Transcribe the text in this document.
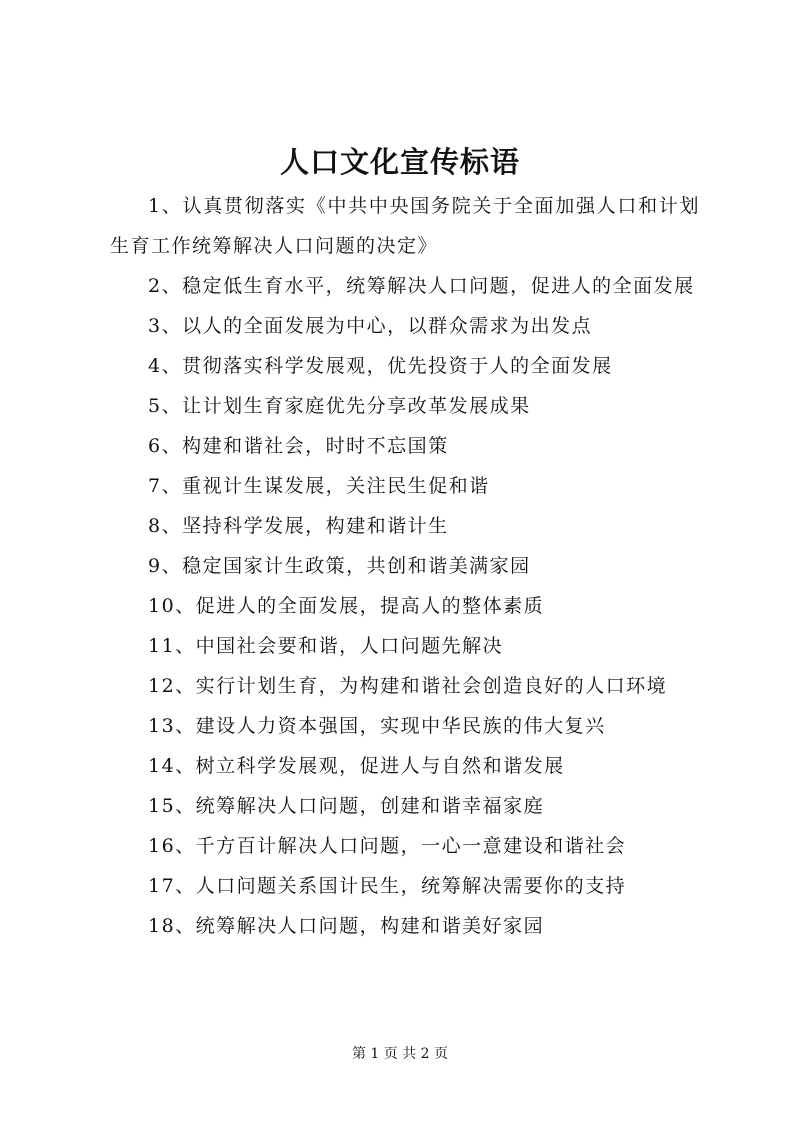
人口文化宣传标语
1、认真贯彻落实《中共中央国务院关于全面加强人口和计划生育工作统筹解决人口问题的决定》
2、稳定低生育水平，统筹解决人口问题，促进人的全面发展
3、以人的全面发展为中心，以群众需求为出发点
4、贯彻落实科学发展观，优先投资于人的全面发展
5、让计划生育家庭优先分享改革发展成果
6、构建和谐社会，时时不忘国策
7、重视计生谋发展，关注民生促和谐
8、坚持科学发展，构建和谐计生
9、稳定国家计生政策，共创和谐美满家园
10、促进人的全面发展，提高人的整体素质
11、中国社会要和谐，人口问题先解决
12、实行计划生育，为构建和谐社会创造良好的人口环境
13、建设人力资本强国，实现中华民族的伟大复兴
14、树立科学发展观，促进人与自然和谐发展
15、统筹解决人口问题，创建和谐幸福家庭
16、千方百计解决人口问题，一心一意建设和谐社会
17、人口问题关系国计民生，统筹解决需要你的支持
18、统筹解决人口问题，构建和谐美好家园
第 1 页 共 2 页
